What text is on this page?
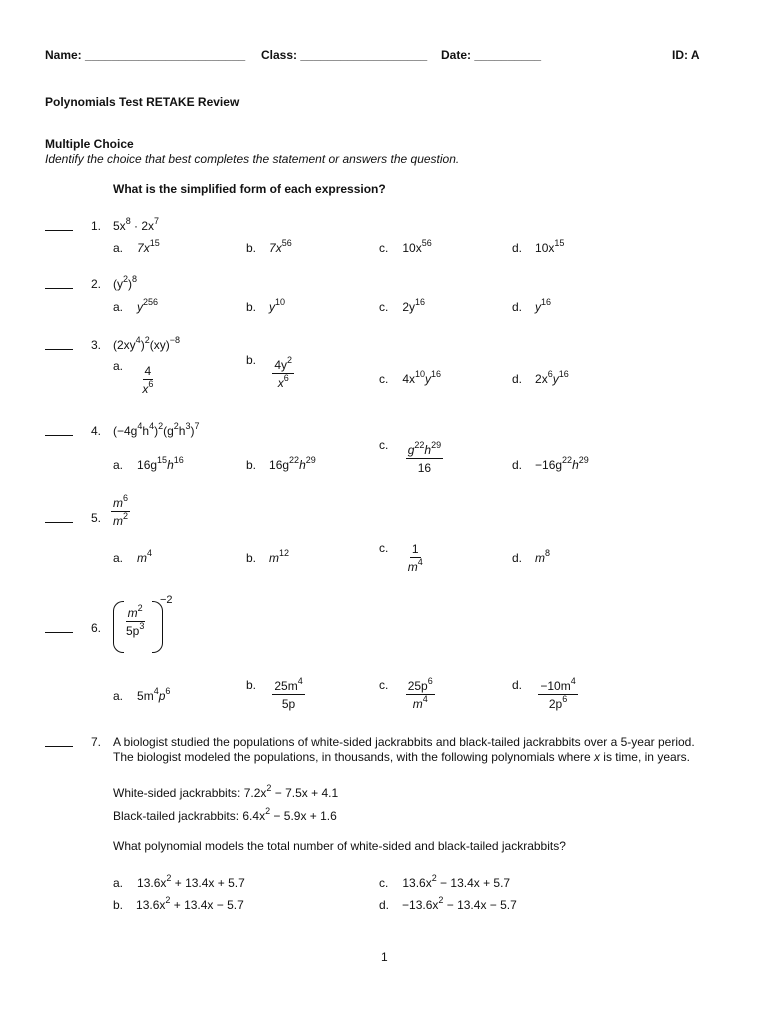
Name: ________________________ Class: ___________________ Date: __________	ID: A
Polynomials Test RETAKE Review
Multiple Choice
Identify the choice that best completes the statement or answers the question.
What is the simplified form of each expression?
1. $5x^8 \cdot 2x^7$
a. $7x^{15}$	b. $7x^{56}$	c. $10x^{56}$	d. $10x^{15}$
2. $(y^2)^8$
a. $y^{256}$	b. $y^{10}$	c. $2y^{16}$	d. $y^{16}$
3. $(2xy^4)^2(xy)^{-8}$
a. $\frac{4}{x^6}$
b. $\frac{4y^2}{x^6}$	c. $4x^{10}y^{16}$	d. $2x^6y^{16}$
4. $(-4g^4h^4)^2(g^2h^3)^7$
a. $16g^{15}h^{16}$	b. $16g^{22}h^{29}$
c. $\frac{g^{22}h^{29}}{16}$	d. $-16g^{22}h^{29}$
5. $\frac{m^6}{m^2}$
a. $m^4$	b. $m^{12}$	c. $\frac{1}{m^4}$	d. $m^8$
6. $\frac{m^2}{5p^3}$
−2
a. $5m^4p^6$	b. $\frac{25m^4}{5p}$	c. $\frac{25p^6}{m^4}$	d. $\frac{-10m^4}{2p^6}$
7. A biologist studied the populations of white-sided jackrabbits and black-tailed jackrabbits over a 5-year period.
The biologist modeled the populations, in thousands, with the following polynomials where x is time, in years.
White-sided jackrabbits: $7.2x^2 - 7.5x + 4.1$
Black-tailed jackrabbits: $6.4x^2 - 5.9x + 1.6$
What polynomial models the total number of white-sided and black-tailed jackrabbits?
a. $13.6x^2 + 13.4x + 5.7$
b. $13.6x^2 + 13.4x - 5.7$
c. $13.6x^2 - 13.4x + 5.7$
d. $-13.6x^2 - 13.4x - 5.7$
1
